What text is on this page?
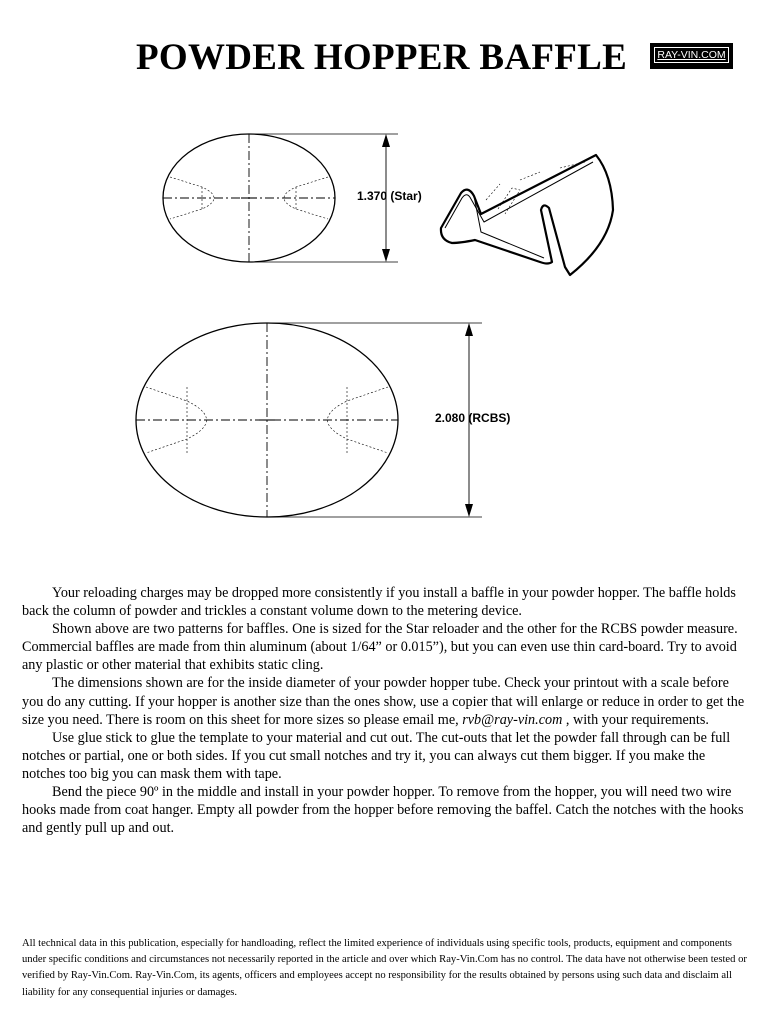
POWDER HOPPER BAFFLE	RAY-VIN.COM
1.370 (Star)
2.080 (RCBS)

Your reloading charges may be dropped more consistently if you install a baffle in your powder hopper. The baffle holds back the column of powder and trickles a constant volume down to the metering device.

Shown above are two patterns for baffles. One is sized for the Star reloader and the other for the RCBS powder measure. Commercial baffles are made from thin aluminum (about 1/64” or 0.015”), but you can even use thin card-board. Try to avoid any plastic or other material that exhibits static cling.

The dimensions shown are for the inside diameter of your powder hopper tube. Check your printout with a scale before you do any cutting. If your hopper is another size than the ones show, use a copier that will enlarge or reduce in order to get the size you need. There is room on this sheet for more sizes so please email me, rvb@ray-vin.com , with your requirements.

Use glue stick to glue the template to your material and cut out. The cut-outs that let the powder fall through can be full notches or partial, one or both sides. If you cut small notches and try it, you can always cut them bigger. If you make the notches too big you can mask them with tape.

Bend the piece 90º in the middle and install in your powder hopper. To remove from the hopper, you will need two wire hooks made from coat hanger. Empty all powder from the hopper before removing the baffel. Catch the notches with the hooks and gently pull up and out.

All technical data in this publication, especially for handloading, reflect the limited experience of individuals using specific tools, products, equipment and components under specific conditions and circumstances not necessarily reported in the article and over which Ray-Vin.Com has no control. The data have not otherwise been tested or verified by Ray-Vin.Com. Ray-Vin.Com, its agents, officers and employees accept no responsibility for the results obtained by persons using such data and disclaim all liability for any consequential injuries or damages.
